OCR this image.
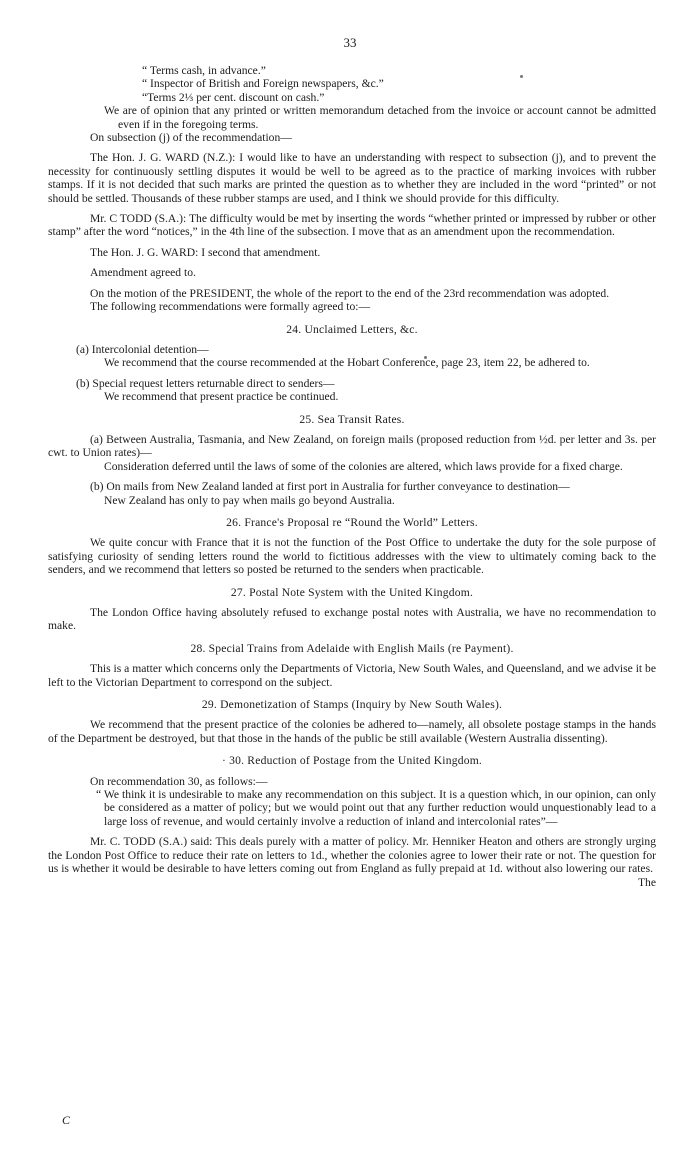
33

“ Terms cash, in advance.”

“ Inspector of British and Foreign newspapers, &c.”

“Terms 2⅓ per cent. discount on cash.”

We are of opinion that any printed or written memorandum detached from the invoice or account cannot be admitted even if in the foregoing terms.

On subsection (j) of the recommendation—

The Hon. J. G. WARD (N.Z.): I would like to have an understanding with respect to subsection (j), and to prevent the necessity for continuously settling disputes it would be well to be agreed as to the practice of marking invoices with rubber stamps. If it is not decided that such marks are printed the question as to whether they are included in the word “printed” or not should be settled. Thousands of these rubber stamps are used, and I think we should provide for this difficulty.

Mr. C TODD (S.A.): The difficulty would be met by inserting the words “whether printed or impressed by rubber or other stamp” after the word “notices,” in the 4th line of the subsection. I move that as an amendment upon the recommendation.

The Hon. J. G. WARD: I second that amendment.

Amendment agreed to.

On the motion of the PRESIDENT, the whole of the report to the end of the 23rd recommendation was adopted.

The following recommendations were formally agreed to:—

24. Unclaimed Letters, &c.

(a) Intercolonial detention—

We recommend that the course recommended at the Hobart Conference, page 23, item 22, be adhered to.

(b) Special request letters returnable direct to senders—

We recommend that present practice be continued.

25. Sea Transit Rates.

(a) Between Australia, Tasmania, and New Zealand, on foreign mails (proposed reduction from ½d. per letter and 3s. per cwt. to Union rates)—

Consideration deferred until the laws of some of the colonies are altered, which laws provide for a fixed charge.

(b) On mails from New Zealand landed at first port in Australia for further conveyance to destination—

New Zealand has only to pay when mails go beyond Australia.

26. France's Proposal re “Round the World” Letters.

We quite concur with France that it is not the function of the Post Office to undertake the duty for the sole purpose of satisfying curiosity of sending letters round the world to fictitious addresses with the view to ultimately coming back to the senders, and we recommend that letters so posted be returned to the senders when practicable.

27. Postal Note System with the United Kingdom.

The London Office having absolutely refused to exchange postal notes with Australia, we have no recommendation to make.

28. Special Trains from Adelaide with English Mails (re Payment).

This is a matter which concerns only the Departments of Victoria, New South Wales, and Queensland, and we advise it be left to the Victorian Department to correspond on the subject.

29. Demonetization of Stamps (Inquiry by New South Wales).

We recommend that the present practice of the colonies be adhered to—namely, all obsolete postage stamps in the hands of the Department be destroyed, but that those in the hands of the public be still available (Western Australia dissenting).

· 30. Reduction of Postage from the United Kingdom.

On recommendation 30, as follows:—

“ We think it is undesirable to make any recommendation on this subject. It is a question which, in our opinion, can only be considered as a matter of policy; but we would point out that any further reduction would unquestionably lead to a large loss of revenue, and would certainly involve a reduction of inland and intercolonial rates”—

Mr. C. TODD (S.A.) said: This deals purely with a matter of policy. Mr. Henniker Heaton and others are strongly urging the London Post Office to reduce their rate on letters to 1d., whether the colonies agree to lower their rate or not. The question for us is whether it would be desirable to have letters coming out from England as fully prepaid at 1d. without also lowering our rates.

The

C
